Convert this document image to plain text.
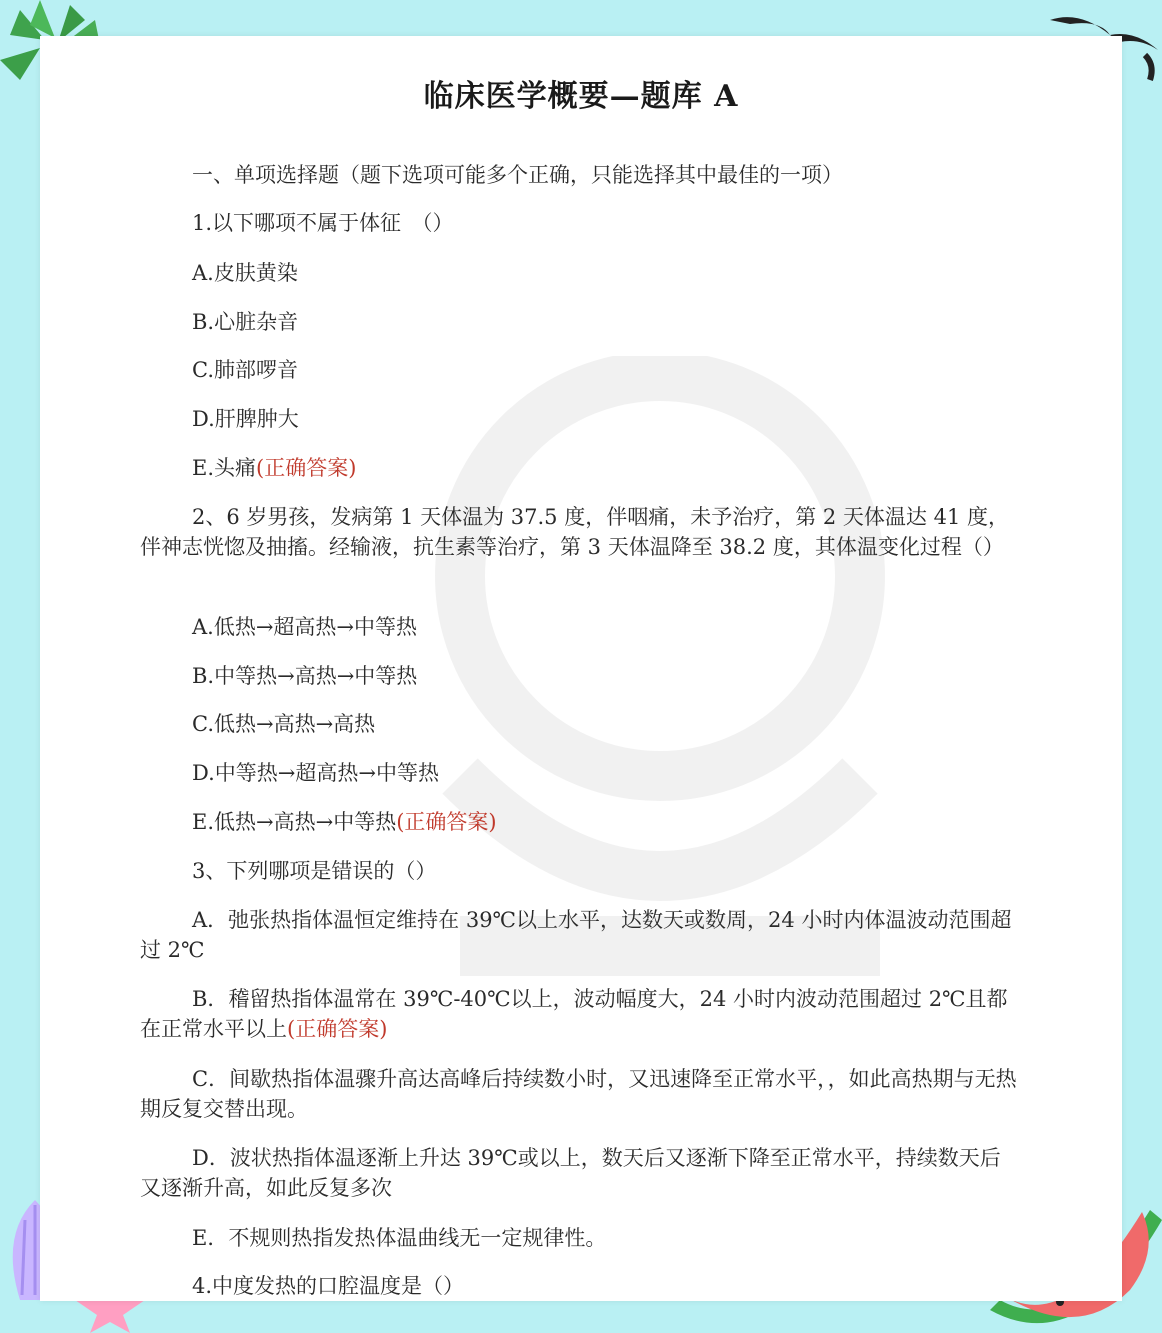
临床医学概要—题库 A
一、单项选择题（题下选项可能多个正确，只能选择其中最佳的一项）
1.以下哪项不属于体征　（）
A.皮肤黄染
B.心脏杂音
C.肺部啰音
D.肝脾肿大
E.头痛(正确答案)
2、6 岁男孩，发病第 1 天体温为 37.5 度，伴咽痛，未予治疗，第 2 天体温达 41 度，伴神志恍惚及抽搐。经输液，抗生素等治疗，第 3 天体温降至 38.2 度，其体温变化过程（）
A.低热→超高热→中等热
B.中等热→高热→中等热
C.低热→高热→高热
D.中等热→超高热→中等热
E.低热→高热→中等热(正确答案)
3、下列哪项是错误的（）
A．弛张热指体温恒定维持在 39℃以上水平，达数天或数周，24 小时内体温波动范围超过 2℃
B．稽留热指体温常在 39℃-40℃以上，波动幅度大，24 小时内波动范围超过 2℃且都在正常水平以上(正确答案)
C．间歇热指体温骤升高达高峰后持续数小时，又迅速降至正常水平，，如此高热期与无热期反复交替出现。
D．波状热指体温逐渐上升达 39℃或以上，数天后又逐渐下降至正常水平，持续数天后又逐渐升高，如此反复多次
E．不规则热指发热体温曲线无一定规律性。
4.中度发热的口腔温度是（）
